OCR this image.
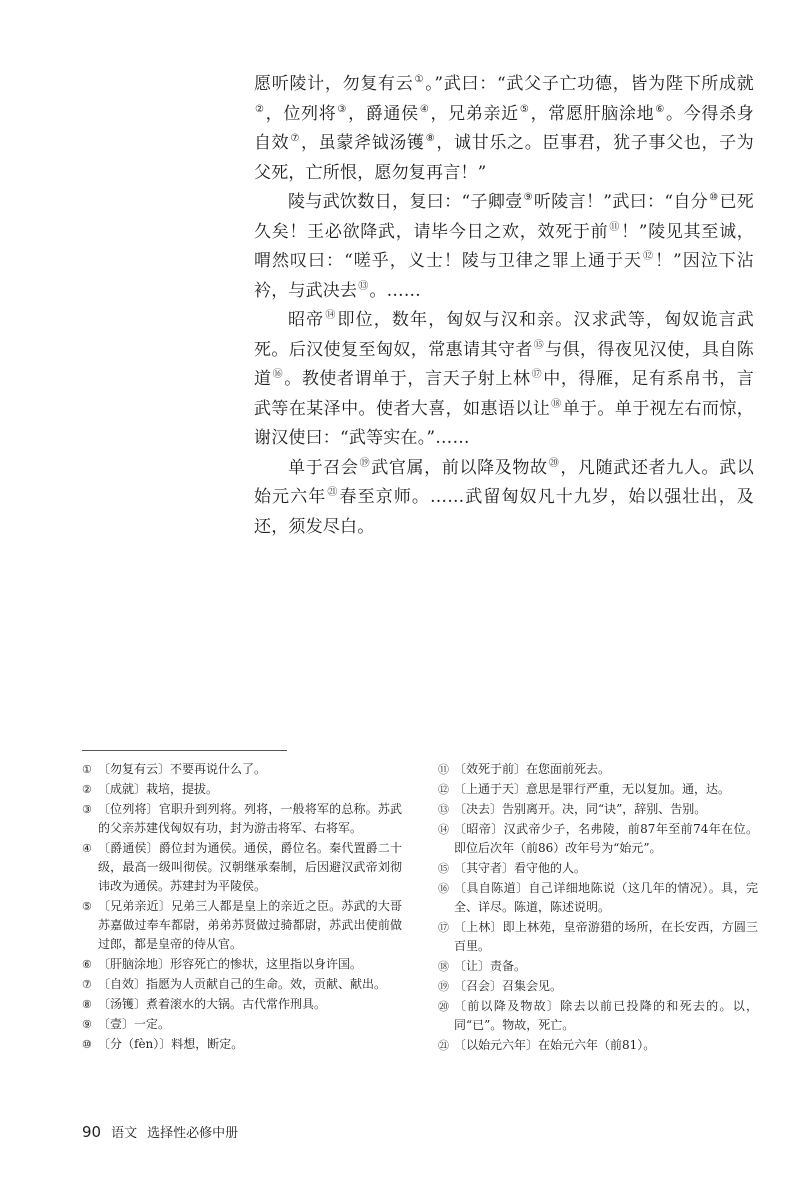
愿听陵计，勿复有云①。”武曰：“武父子亡功德，皆为陛下所成就②，位列将③，爵通侯④，兄弟亲近⑤，常愿肝脑涂地⑥。今得杀身自效⑦，虽蒙斧钺汤镬⑧，诚甘乐之。臣事君，犹子事父也，子为父死，亡所恨，愿勿复再言！”

陵与武饮数日，复曰：“子卿壹⑨听陵言！”武曰：“自分⑩已死久矣！王必欲降武，请毕今日之欢，效死于前⑪！”陵见其至诚，喟然叹曰：“嗟乎，义士！陵与卫律之罪上通于天⑫！”因泣下沾衿，与武决去⑬。……

昭帝⑭即位，数年，匈奴与汉和亲。汉求武等，匈奴诡言武死。后汉使复至匈奴，常惠请其守者⑮与俱，得夜见汉使，具自陈道⑯。教使者谓单于，言天子射上林⑰中，得雁，足有系帛书，言武等在某泽中。使者大喜，如惠语以让⑱单于。单于视左右而惊，谢汉使曰：“武等实在。”……

单于召会⑲武官属，前以降及物故⑳，凡随武还者九人。武以始元六年$^㉑$春至京师。……武留匈奴凡十九岁，始以强壮出，及还，须发尽白。

① 〔勿复有云〕不要再说什么了。
② 〔成就〕栽培，提拔。
③ 〔位列将〕官职升到列将。列将，一般将军的总称。苏武的父亲苏建伐匈奴有功，封为游击将军、右将军。
④ 〔爵通侯〕爵位封为通侯。通侯，爵位名。秦代置爵二十级，最高一级叫彻侯。汉朝继承秦制，后因避汉武帝刘彻讳改为通侯。苏建封为平陵侯。
⑤ 〔兄弟亲近〕兄弟三人都是皇上的亲近之臣。苏武的大哥苏嘉做过奉车都尉，弟弟苏贤做过骑都尉，苏武出使前做过郎，都是皇帝的侍从官。
⑥ 〔肝脑涂地〕形容死亡的惨状，这里指以身许国。
⑦ 〔自效〕指愿为人贡献自己的生命。效，贡献、献出。
⑧ 〔汤镬〕煮着滚水的大锅。古代常作刑具。
⑨ 〔壹〕一定。
⑩ 〔分（fèn）〕料想，断定。
⑪ 〔效死于前〕在您面前死去。
⑫ 〔上通于天〕意思是罪行严重，无以复加。通，达。
⑬ 〔决去〕告别离开。决，同“诀”，辞别、告别。
⑭ 〔昭帝〕汉武帝少子，名弗陵，前87年至前74年在位。即位后次年（前86）改年号为“始元”。
⑮ 〔其守者〕看守他的人。
⑯ 〔具自陈道〕自己详细地陈说（这几年的情况）。具，完全、详尽。陈道，陈述说明。
⑰ 〔上林〕即上林苑，皇帝游猎的场所，在长安西，方圆三百里。
⑱ 〔让〕责备。
⑲ 〔召会〕召集会见。
⑳ 〔前以降及物故〕除去以前已投降的和死去的。以，同“已”。物故，死亡。
㉑ 〔以始元六年〕在始元六年（前81）。
90 语文 选择性必修中册
